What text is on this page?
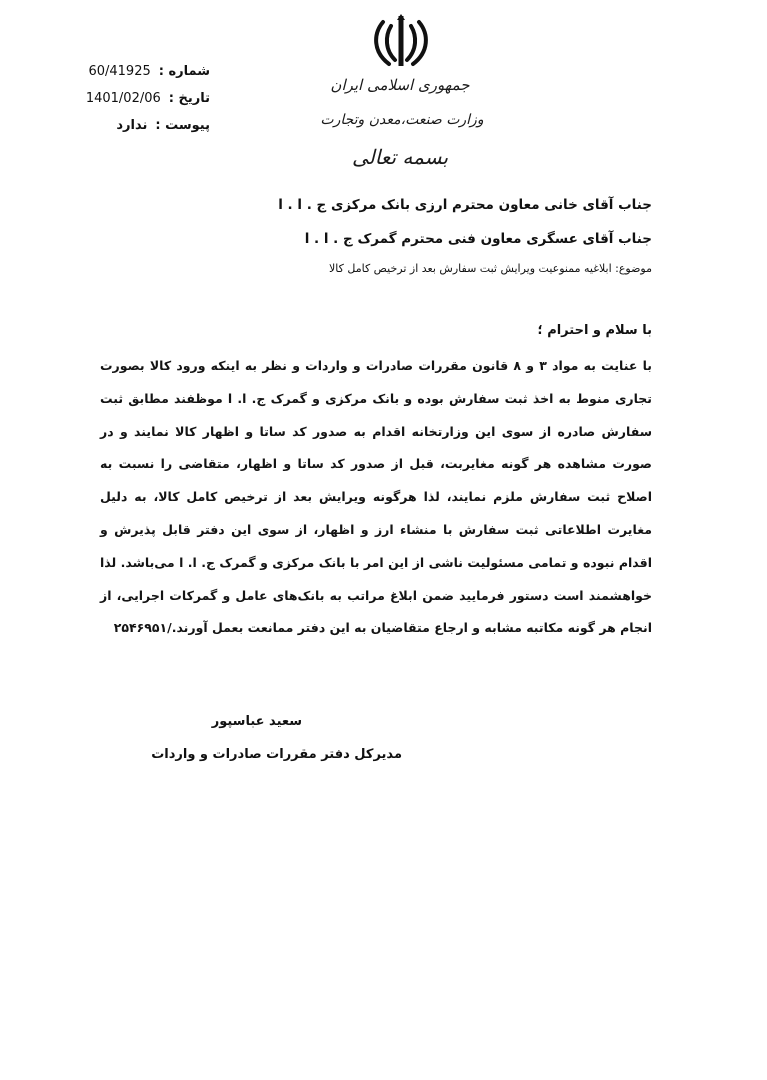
جمهوری اسلامی ایران
وزارت صنعت،معدن وتجارت
بسمه تعالی
شماره :
60/41925
تاریخ :
1401/02/06
پیوست :
ندارد
جناب آقای خانی معاون محترم ارزی بانک مرکزی ج . ا . ا
جناب آقای عسگری معاون فنی محترم گمرک ج . ا . ا
موضوع: ابلاغیه ممنوعیت ویرایش ثبت سفارش بعد از ترخیص کامل کالا
با سلام و احترام ؛
با عنایت به مواد ۳ و ۸ قانون مقررات صادرات و واردات و نظر به اینکه ورود کالا بصورت تجاری منوط به اخذ ثبت سفارش بوده و بانک مرکزی و گمرک ج. ا. ا موظفند مطابق ثبت سفارش صادره از سوی این وزارتخانه اقدام به صدور کد ساتا و اظهار کالا نمایند و در صورت مشاهده هر گونه مغایربت، قبل از صدور کد ساتا و اظهار، متقاضی را نسبت به اصلاح ثبت سفارش ملزم نمایند، لذا هرگونه ویرایش بعد از ترخیص کامل کالا، به دلیل مغایرت اطلاعاتی ثبت سفارش با منشاء ارز و اظهار، از سوی این دفتر قابل پذیرش و اقدام نبوده و تمامی مسئولیت ناشی از این امر با بانک مرکزی و گمرک ج. ا. ا می‌باشد. لذا خواهشمند است دستور فرمایید ضمن ابلاغ مراتب به بانک‌های عامل و گمرکات اجرایی، از انجام هر گونه مکاتبه مشابه و ارجاع متقاضیان به این دفتر ممانعت بعمل آورند./۲۵۴۶۹۵۱
سعید عباسپور
مدیرکل دفتر مقررات صادرات و واردات
